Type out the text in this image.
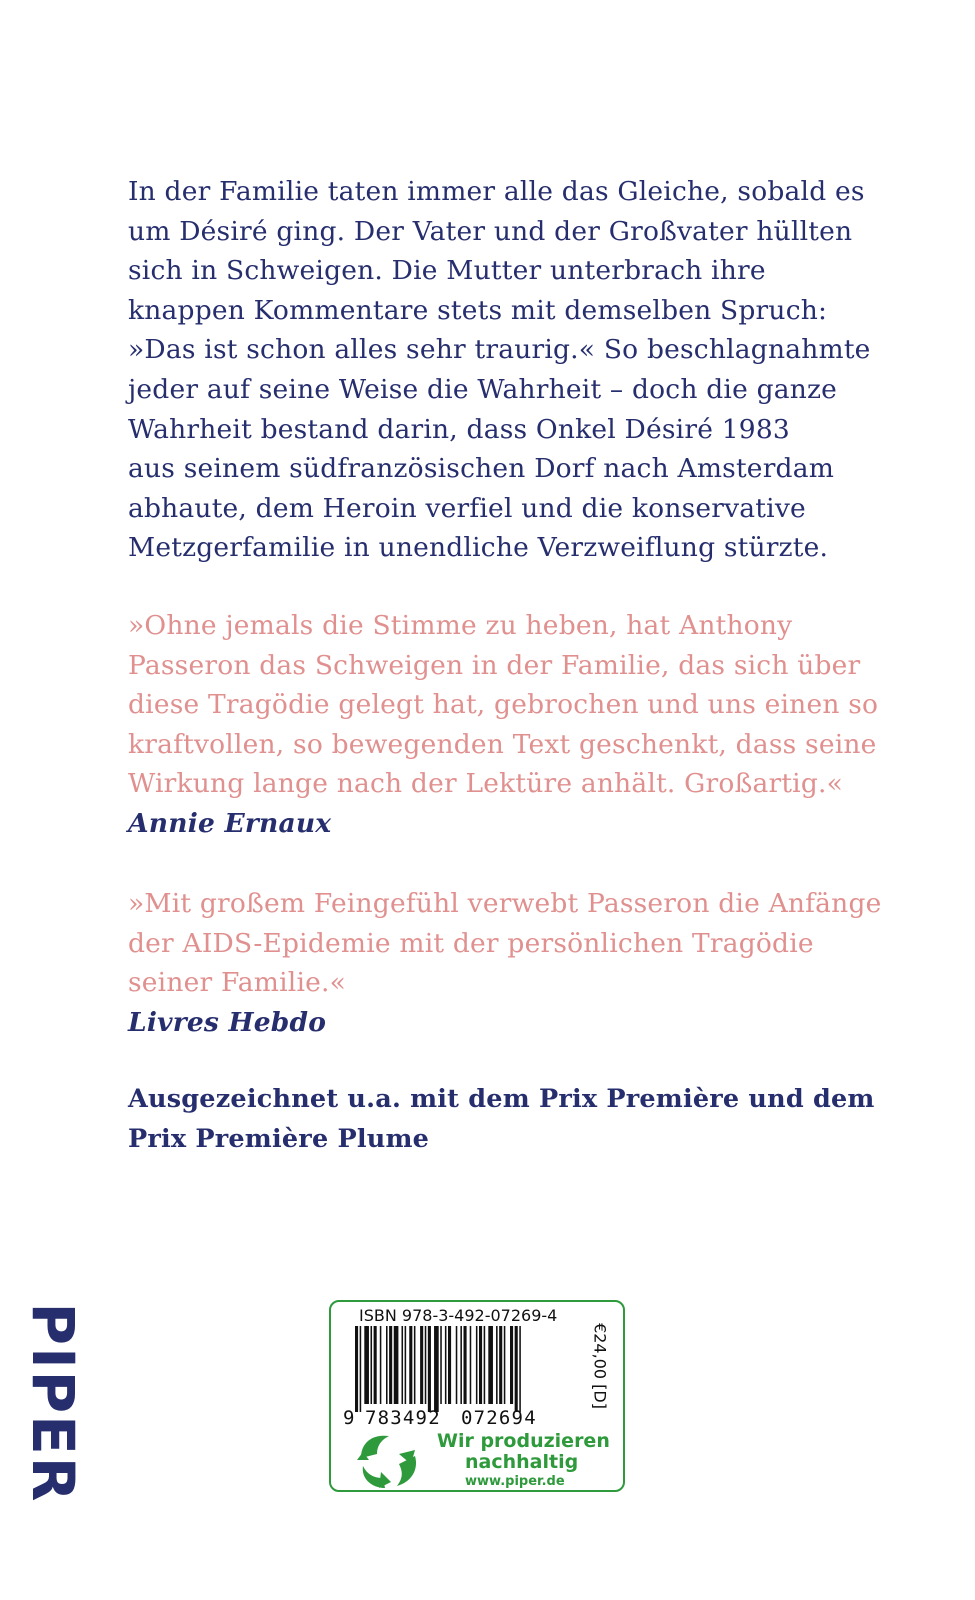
In der Familie taten immer alle das Gleiche, sobald es
um Désiré ging. Der Vater und der Großvater hüllten
sich in Schweigen. Die Mutter unterbrach ihre
knappen Kommentare stets mit demselben Spruch:
»Das ist schon alles sehr traurig.« So beschlagnahmte
jeder auf seine Weise die Wahrheit – doch die ganze
Wahrheit bestand darin, dass Onkel Désiré 1983
aus seinem südfranzösischen Dorf nach Amsterdam
abhaute, dem Heroin verfiel und die konservative
Metzgerfamilie in unendliche Verzweiflung stürzte.
»Ohne jemals die Stimme zu heben, hat Anthony
Passeron das Schweigen in der Familie, das sich über
diese Tragödie gelegt hat, gebrochen und uns einen so
kraftvollen, so bewegenden Text geschenkt, dass seine
Wirkung lange nach der Lektüre anhält. Großartig.«
Annie Ernaux
»Mit großem Feingefühl verwebt Passeron die Anfänge
der AIDS-Epidemie mit der persönlichen Tragödie
seiner Familie.«
Livres Hebdo
Ausgezeichnet u.a. mit dem Prix Première und dem
Prix Première Plume
PIPER	ISBN 978-3-492-07269-4
9 783492 072694
€24,00 [D]
Wir produzieren
nachhaltig
www.piper.de
